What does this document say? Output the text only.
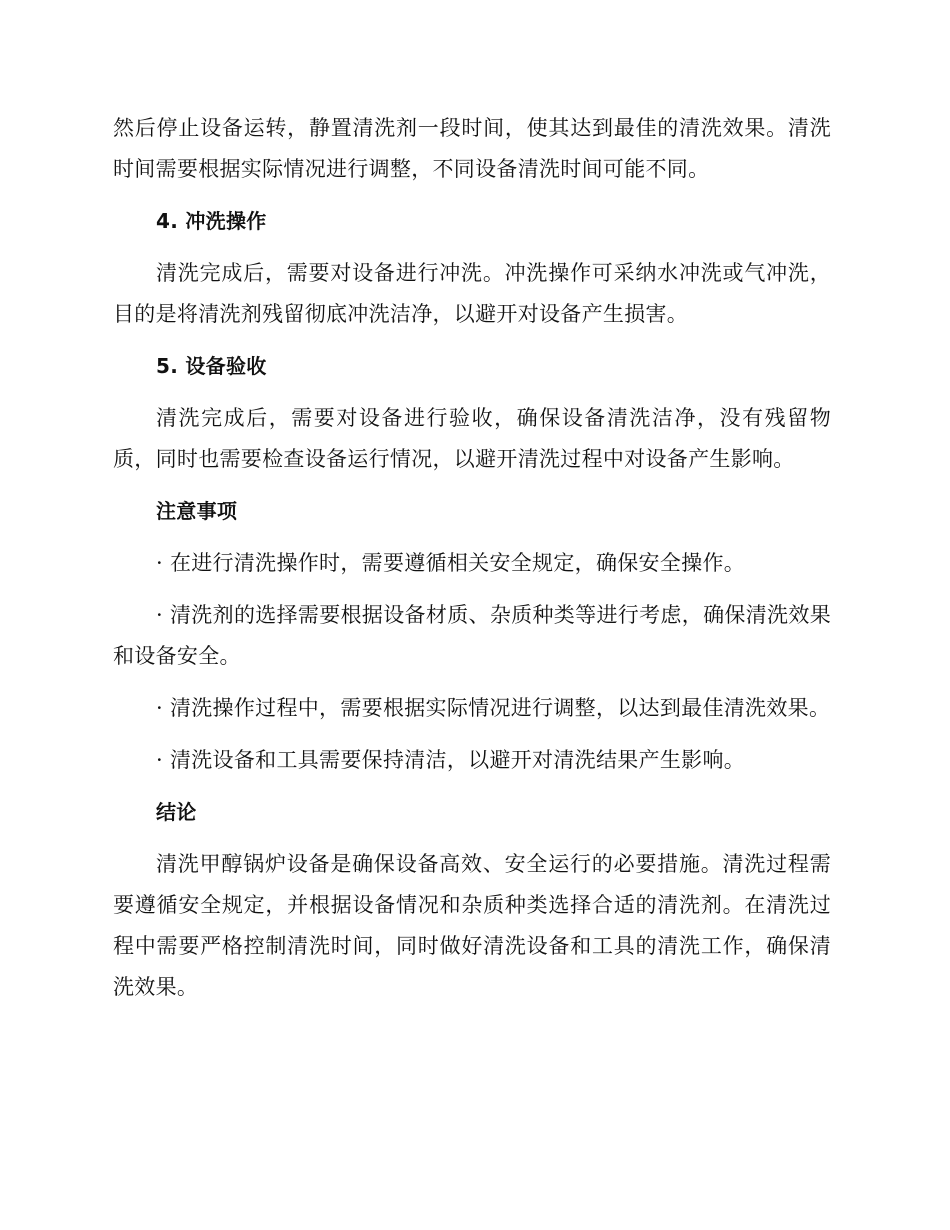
然后停止设备运转，静置清洗剂一段时间，使其达到最佳的清洗效果。清洗时间需要根据实际情况进行调整，不同设备清洗时间可能不同。

4. 冲洗操作

清洗完成后，需要对设备进行冲洗。冲洗操作可采纳水冲洗或气冲洗，目的是将清洗剂残留彻底冲洗洁净，以避开对设备产生损害。

5. 设备验收

清洗完成后，需要对设备进行验收，确保设备清洗洁净，没有残留物质，同时也需要检查设备运行情况，以避开清洗过程中对设备产生影响。

注意事项

· 在进行清洗操作时，需要遵循相关安全规定，确保安全操作。

· 清洗剂的选择需要根据设备材质、杂质种类等进行考虑，确保清洗效果和设备安全。

· 清洗操作过程中，需要根据实际情况进行调整，以达到最佳清洗效果。

· 清洗设备和工具需要保持清洁，以避开对清洗结果产生影响。

结论

清洗甲醇锅炉设备是确保设备高效、安全运行的必要措施。清洗过程需要遵循安全规定，并根据设备情况和杂质种类选择合适的清洗剂。在清洗过程中需要严格控制清洗时间，同时做好清洗设备和工具的清洗工作，确保清洗效果。
